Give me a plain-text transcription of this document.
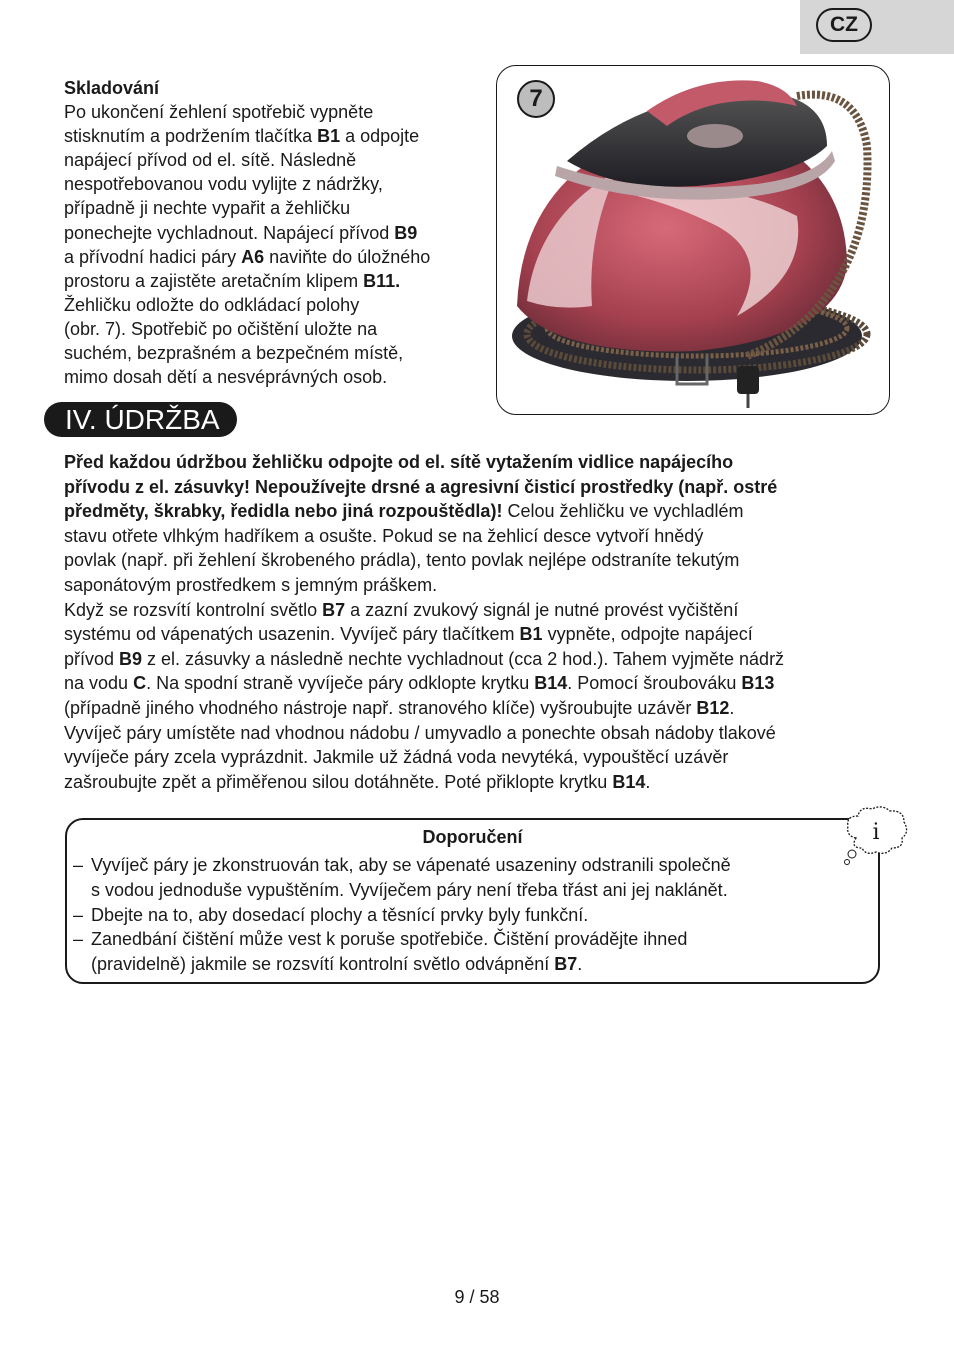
CZ
Skladování
Po ukončení žehlení spotřebič vypněte
stisknutím a podržením tlačítka B1 a odpojte
napájecí přívod od el. sítě. Následně
nespotřebovanou vodu vylijte z nádržky,
případně ji nechte vypařit a žehličku
ponechejte vychladnout. Napájecí přívod B9
a přívodní hadici páry A6 naviňte do úložného
prostoru a zajistěte aretačním klipem B11.
Žehličku odložte do odkládací polohy
(obr. 7). Spotřebič po očištění uložte na
suchém, bezprašném a bezpečném místě,
mimo dosah dětí a nesvéprávných osob.
7
IV. ÚDRŽBA

Před každou údržbou žehličku odpojte od el. sítě vytažením vidlice napájecího
přívodu z el. zásuvky! Nepoužívejte drsné a agresivní čisticí prostředky (např. ostré
předměty, škrabky, ředidla nebo jiná rozpouštědla)! Celou žehličku ve vychladlém
stavu otřete vlhkým hadříkem a osušte. Pokud se na žehlicí desce vytvoří hnědý
povlak (např. při žehlení škrobeného prádla), tento povlak nejlépe odstraníte tekutým
saponátovým prostředkem s jemným práškem.

Když se rozsvítí kontrolní světlo B7 a zazní zvukový signál je nutné provést vyčištění
systému od vápenatých usazenin. Vyvíječ páry tlačítkem B1 vypněte, odpojte napájecí
přívod B9 z el. zásuvky a následně nechte vychladnout (cca 2 hod.). Tahem vyjměte nádrž
na vodu C. Na spodní straně vyvíječe páry odklopte krytku B14. Pomocí šroubováku B13
(případně jiného vhodného nástroje např. stranového klíče) vyšroubujte uzávěr B12.
Vyvíječ páry umístěte nad vhodnou nádobu / umyvadlo a ponechte obsah nádoby tlakové
vyvíječe páry zcela vyprázdnit. Jakmile už žádná voda nevytéká, vypouštěcí uzávěr
zašroubujte zpět a přiměřenou silou dotáhněte. Poté přiklopte krytku B14.

Doporučení
– Vyvíječ páry je zkonstruován tak, aby se vápenaté usazeniny odstranili společně
s vodou jednoduše vypuštěním. Vyvíječem páry není třeba třást ani jej naklánět.
– Dbejte na to, aby dosedací plochy a těsnící prvky byly funkční.
– Zanedbání čištění může vest k poruše spotřebiče. Čištění provádějte ihned
(pravidelně) jakmile se rozsvítí kontrolní světlo odvápnění B7.
i
9 / 58
